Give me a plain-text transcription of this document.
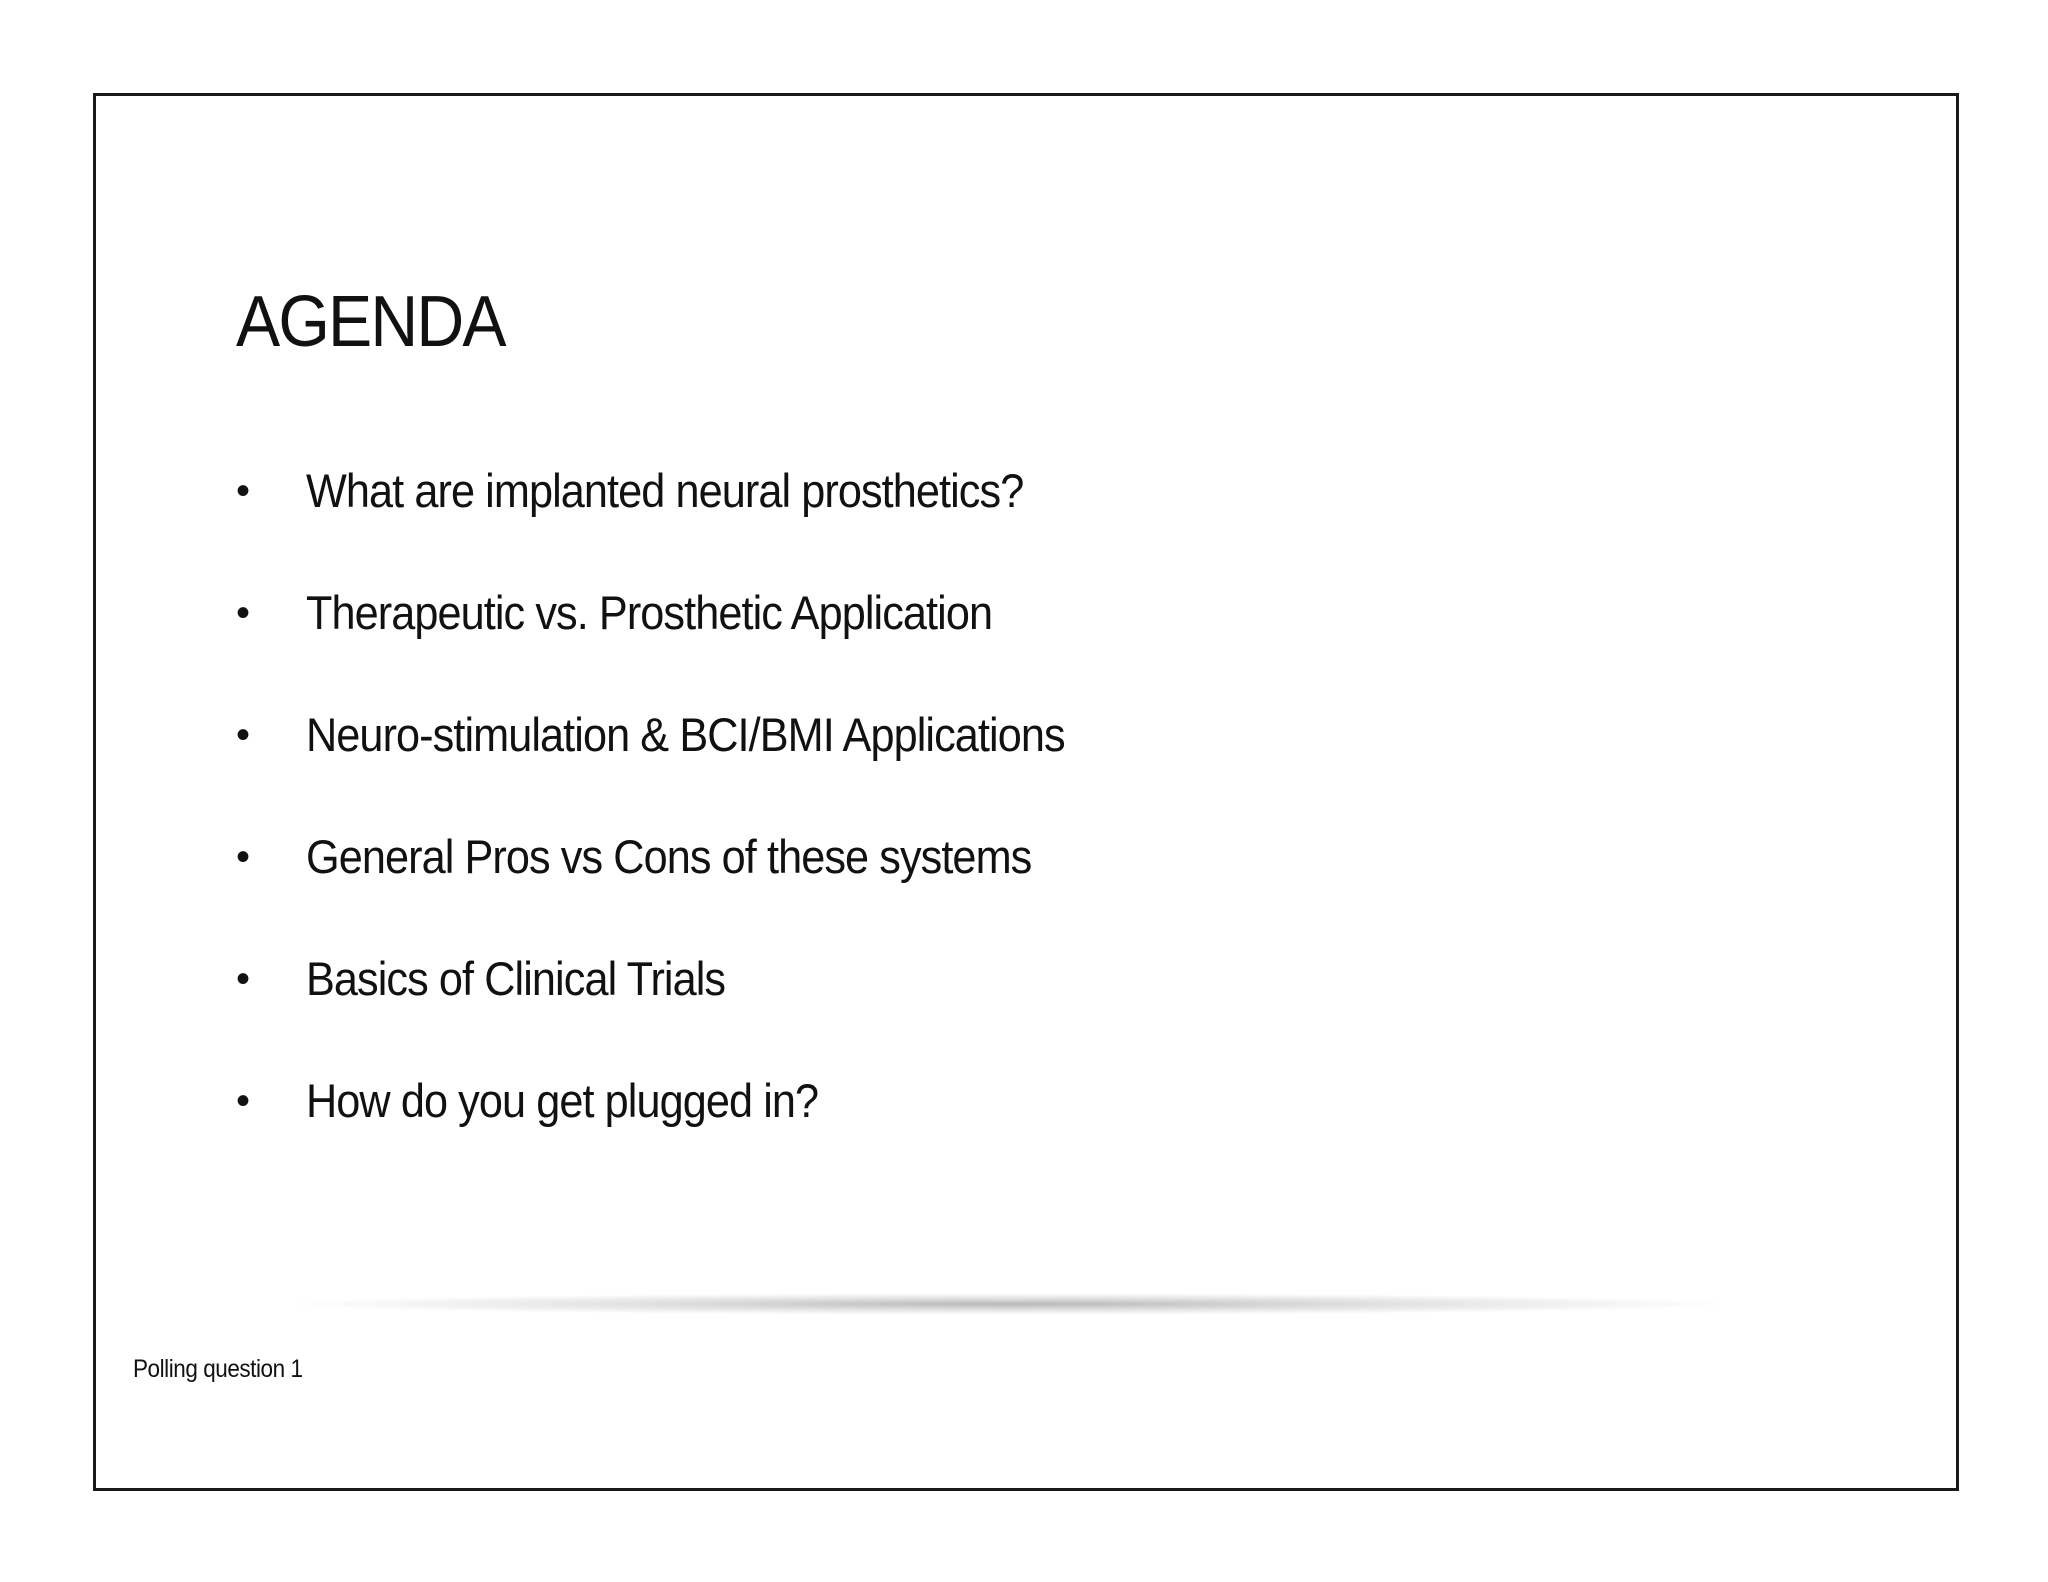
AGENDA
• What are implanted neural prosthetics?
• Therapeutic vs. Prosthetic Application
• Neuro-stimulation & BCI/BMI Applications
• General Pros vs Cons of these systems
• Basics of Clinical Trials
• How do you get plugged in?
Polling question 1
